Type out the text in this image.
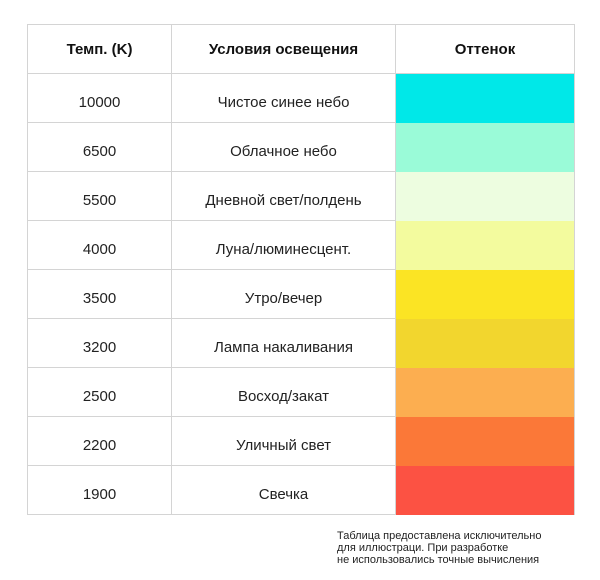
Темп. (K)	Условия освещения	Оттенок
10000	Чистое синее небо	
6500	Облачное небо	
5500	Дневной свет/полдень	
4000	Луна/люминесцент.	
3500	Утро/вечер	
3200	Лампа накаливания	
2500	Восход/закат	
2200	Уличный свет	
1900	Свечка	
Таблица предоставлена исключительно
для иллюстраци. При разработке
не использовались точные вычисления
